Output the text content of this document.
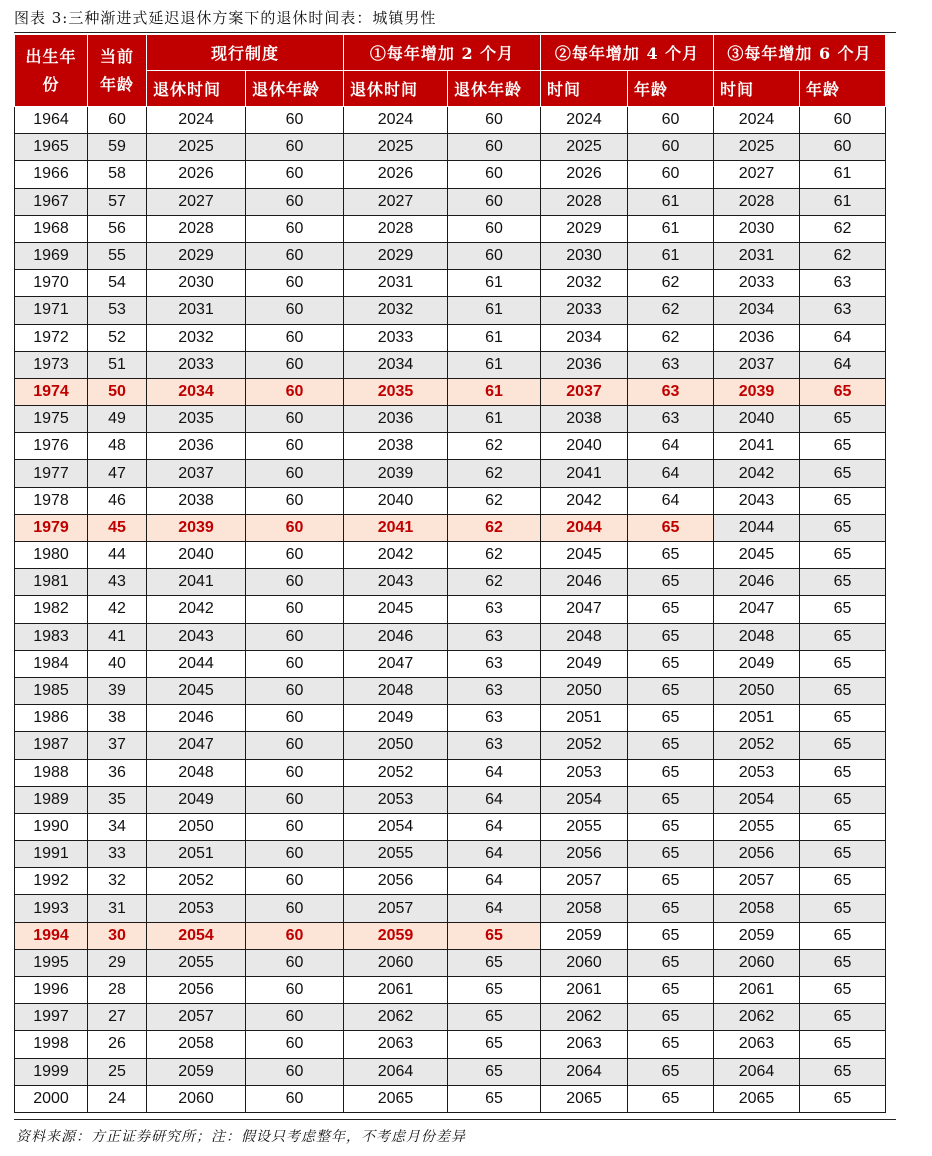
图表 3:三种渐进式延迟退休方案下的退休时间表：城镇男性
出生年份	当前年龄	现行制度		①每年增加 2 个月		②每年增加 4 个月		③每年增加 6 个月	
		退休时间	退休年龄	退休时间	退休年龄	时间	年龄	时间	年龄
1964	60	2024	60	2024	60	2024	60	2024	60
1965	59	2025	60	2025	60	2025	60	2025	60
1966	58	2026	60	2026	60	2026	60	2027	61
1967	57	2027	60	2027	60	2028	61	2028	61
1968	56	2028	60	2028	60	2029	61	2030	62
1969	55	2029	60	2029	60	2030	61	2031	62
1970	54	2030	60	2031	61	2032	62	2033	63
1971	53	2031	60	2032	61	2033	62	2034	63
1972	52	2032	60	2033	61	2034	62	2036	64
1973	51	2033	60	2034	61	2036	63	2037	64
1974	50	2034	60	2035	61	2037	63	2039	65
1975	49	2035	60	2036	61	2038	63	2040	65
1976	48	2036	60	2038	62	2040	64	2041	65
1977	47	2037	60	2039	62	2041	64	2042	65
1978	46	2038	60	2040	62	2042	64	2043	65
1979	45	2039	60	2041	62	2044	65	2044	65
1980	44	2040	60	2042	62	2045	65	2045	65
1981	43	2041	60	2043	62	2046	65	2046	65
1982	42	2042	60	2045	63	2047	65	2047	65
1983	41	2043	60	2046	63	2048	65	2048	65
1984	40	2044	60	2047	63	2049	65	2049	65
1985	39	2045	60	2048	63	2050	65	2050	65
1986	38	2046	60	2049	63	2051	65	2051	65
1987	37	2047	60	2050	63	2052	65	2052	65
1988	36	2048	60	2052	64	2053	65	2053	65
1989	35	2049	60	2053	64	2054	65	2054	65
1990	34	2050	60	2054	64	2055	65	2055	65
1991	33	2051	60	2055	64	2056	65	2056	65
1992	32	2052	60	2056	64	2057	65	2057	65
1993	31	2053	60	2057	64	2058	65	2058	65
1994	30	2054	60	2059	65	2059	65	2059	65
1995	29	2055	60	2060	65	2060	65	2060	65
1996	28	2056	60	2061	65	2061	65	2061	65
1997	27	2057	60	2062	65	2062	65	2062	65
1998	26	2058	60	2063	65	2063	65	2063	65
1999	25	2059	60	2064	65	2064	65	2064	65
2000	24	2060	60	2065	65	2065	65	2065	65
资料来源：方正证券研究所；注：假设只考虑整年，不考虑月份差异
